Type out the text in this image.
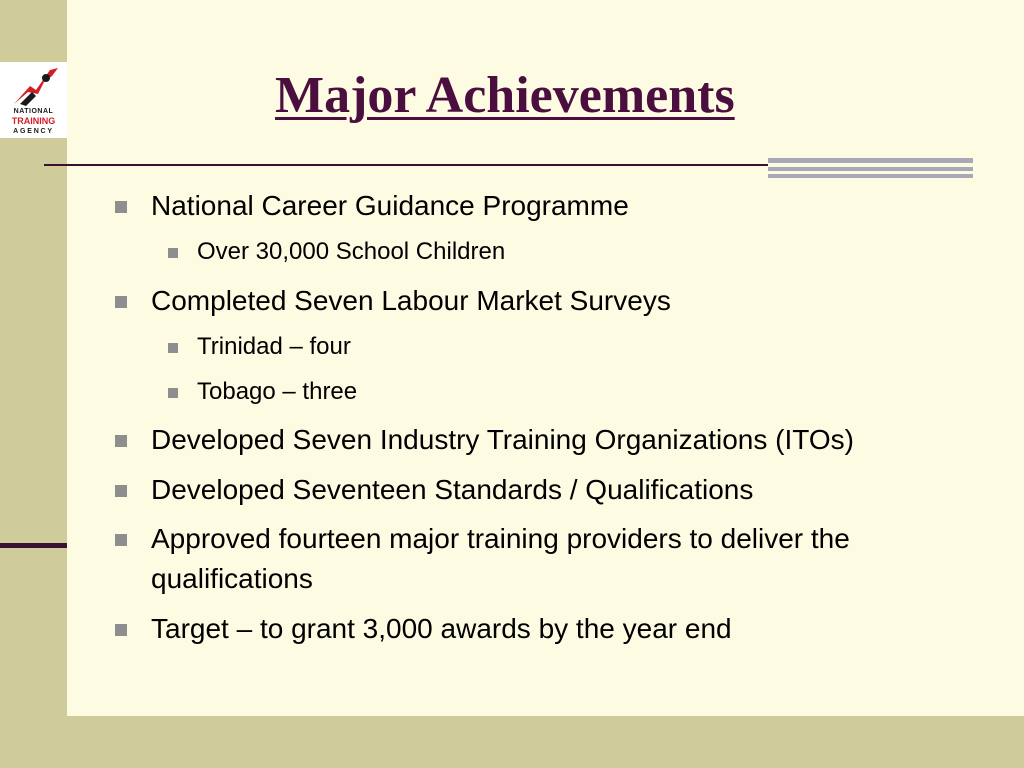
NATIONAL
TRAINING
AGENCY
Major Achievements
National Career Guidance Programme
Over 30,000 School Children
Completed Seven Labour Market Surveys
Trinidad – four
Tobago – three
Developed Seven Industry Training Organizations (ITOs)
Developed Seventeen Standards / Qualifications
Approved fourteen major training providers to deliver the qualifications
Target – to grant 3,000 awards by the year end
